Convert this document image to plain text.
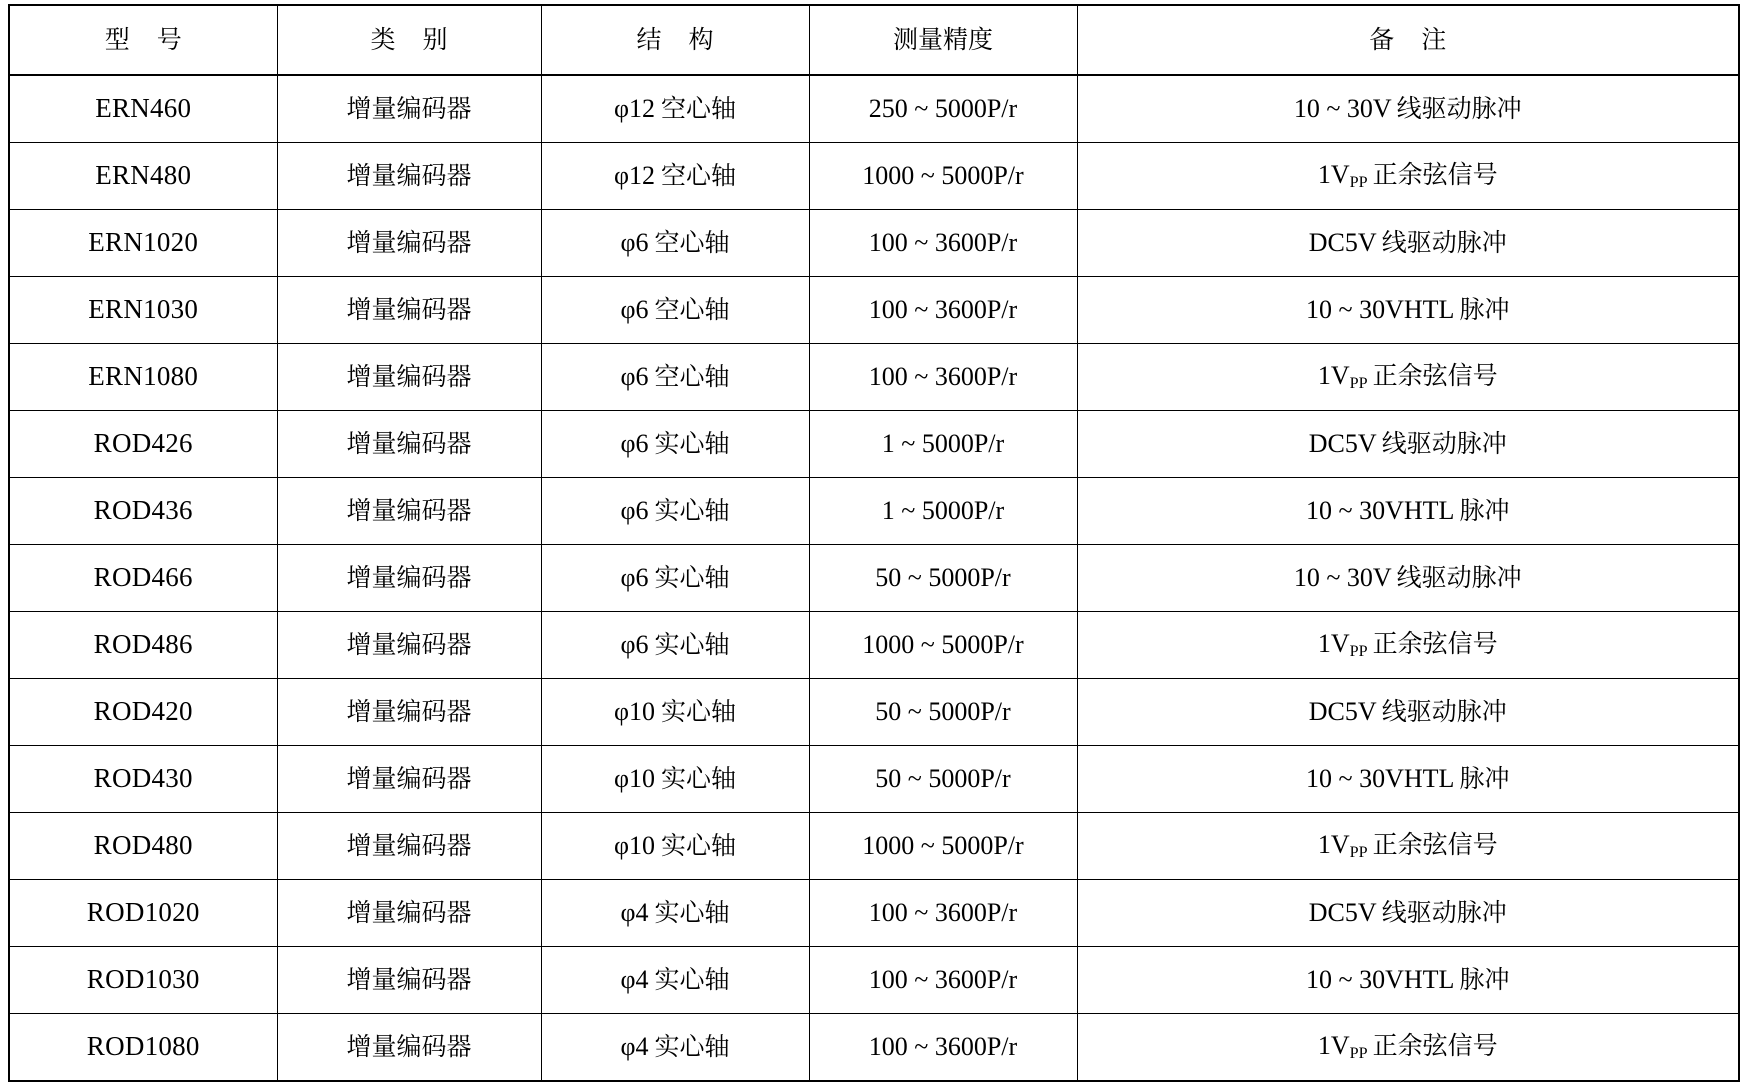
型 号	类 别	结 构	测量精度	备 注
ERN460	增量编码器	φ12 空心轴	250 ~ 5000P/r	10 ~ 30V 线驱动脉冲
ERN480	增量编码器	φ12 空心轴	1000 ~ 5000P/r	$1V_{PP}$ 正余弦信号
ERN1020	增量编码器	φ6 空心轴	100 ~ 3600P/r	DC5V 线驱动脉冲
ERN1030	增量编码器	φ6 空心轴	100 ~ 3600P/r	10 ~ 30VHTL 脉冲
ERN1080	增量编码器	φ6 空心轴	100 ~ 3600P/r	$1V_{PP}$ 正余弦信号
ROD426	增量编码器	φ6 实心轴	1 ~ 5000P/r	DC5V 线驱动脉冲
ROD436	增量编码器	φ6 实心轴	1 ~ 5000P/r	10 ~ 30VHTL 脉冲
ROD466	增量编码器	φ6 实心轴	50 ~ 5000P/r	10 ~ 30V 线驱动脉冲
ROD486	增量编码器	φ6 实心轴	1000 ~ 5000P/r	$1V_{PP}$ 正余弦信号
ROD420	增量编码器	φ10 实心轴	50 ~ 5000P/r	DC5V 线驱动脉冲
ROD430	增量编码器	φ10 实心轴	50 ~ 5000P/r	10 ~ 30VHTL 脉冲
ROD480	增量编码器	φ10 实心轴	1000 ~ 5000P/r	$1V_{PP}$ 正余弦信号
ROD1020	增量编码器	φ4 实心轴	100 ~ 3600P/r	DC5V 线驱动脉冲
ROD1030	增量编码器	φ4 实心轴	100 ~ 3600P/r	10 ~ 30VHTL 脉冲
ROD1080	增量编码器	φ4 实心轴	100 ~ 3600P/r	$1V_{PP}$ 正余弦信号
